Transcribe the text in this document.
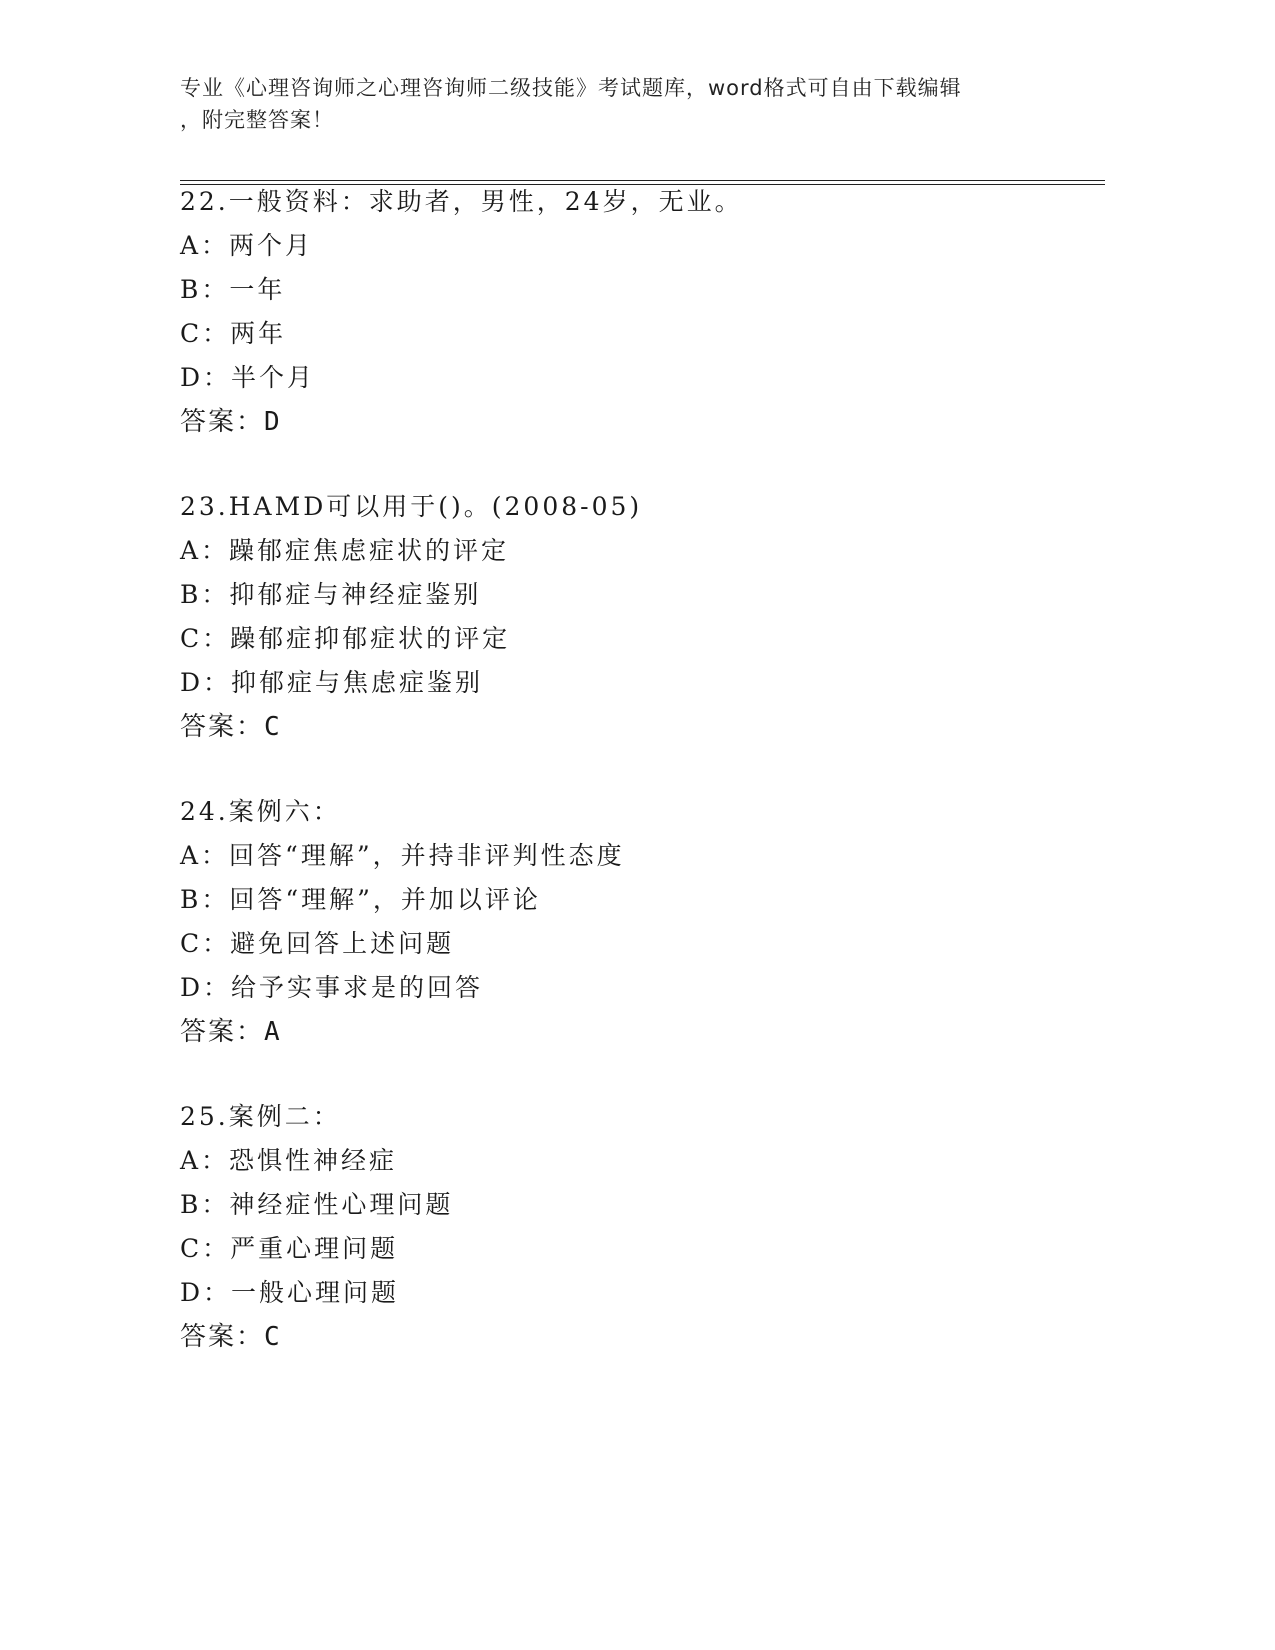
专业《心理咨询师之心理咨询师二级技能》考试题库，word格式可自由下载编辑
，附完整答案！
22.一般资料：求助者，男性，24岁，无业。
A：两个月
B：一年
C：两年
D：半个月
答案：D
23.HAMD可以用于()。(2008-05)
A：躁郁症焦虑症状的评定
B：抑郁症与神经症鉴别
C：躁郁症抑郁症状的评定
D：抑郁症与焦虑症鉴别
答案：C
24.案例六：
A：回答“理解”，并持非评判性态度
B：回答“理解”，并加以评论
C：避免回答上述问题
D：给予实事求是的回答
答案：A
25.案例二：
A：恐惧性神经症
B：神经症性心理问题
C：严重心理问题
D：一般心理问题
答案：C
